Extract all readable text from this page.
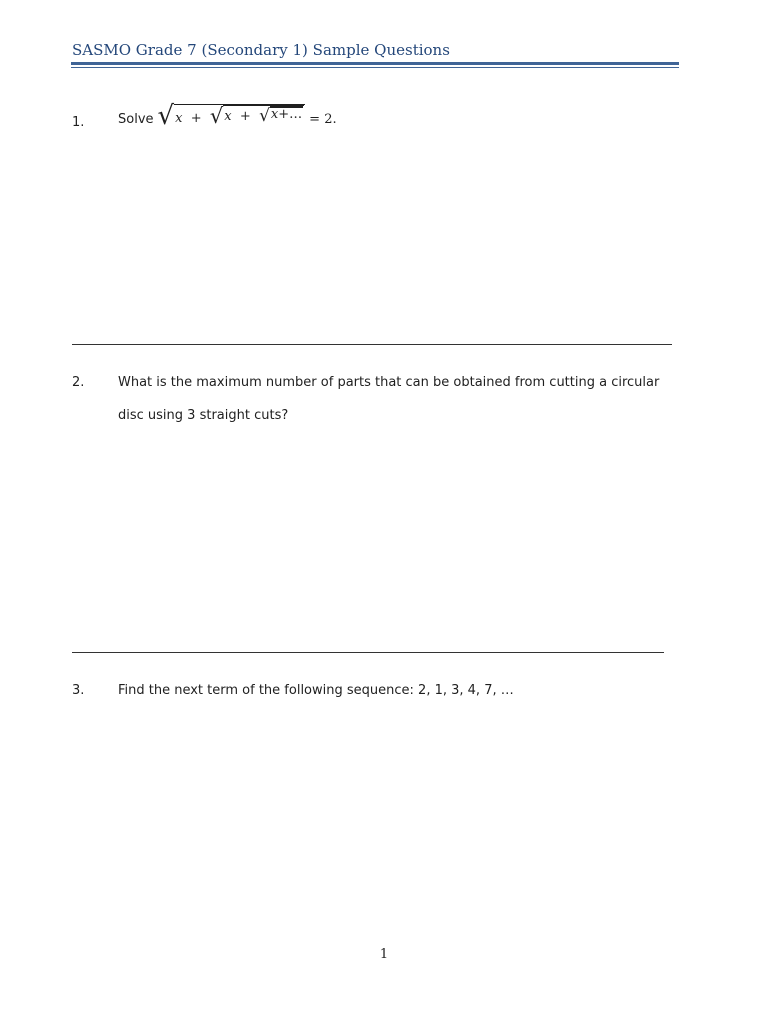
SASMO Grade 7 (Secondary 1) Sample Questions
1.	Solve √ x  + √ x  + √ x+… = 2.
2.	What is the maximum number of parts that can be obtained from cutting a circular
disc using 3 straight cuts?
3.	Find the next term of the following sequence: 2, 1, 3, 4, 7, …
1
